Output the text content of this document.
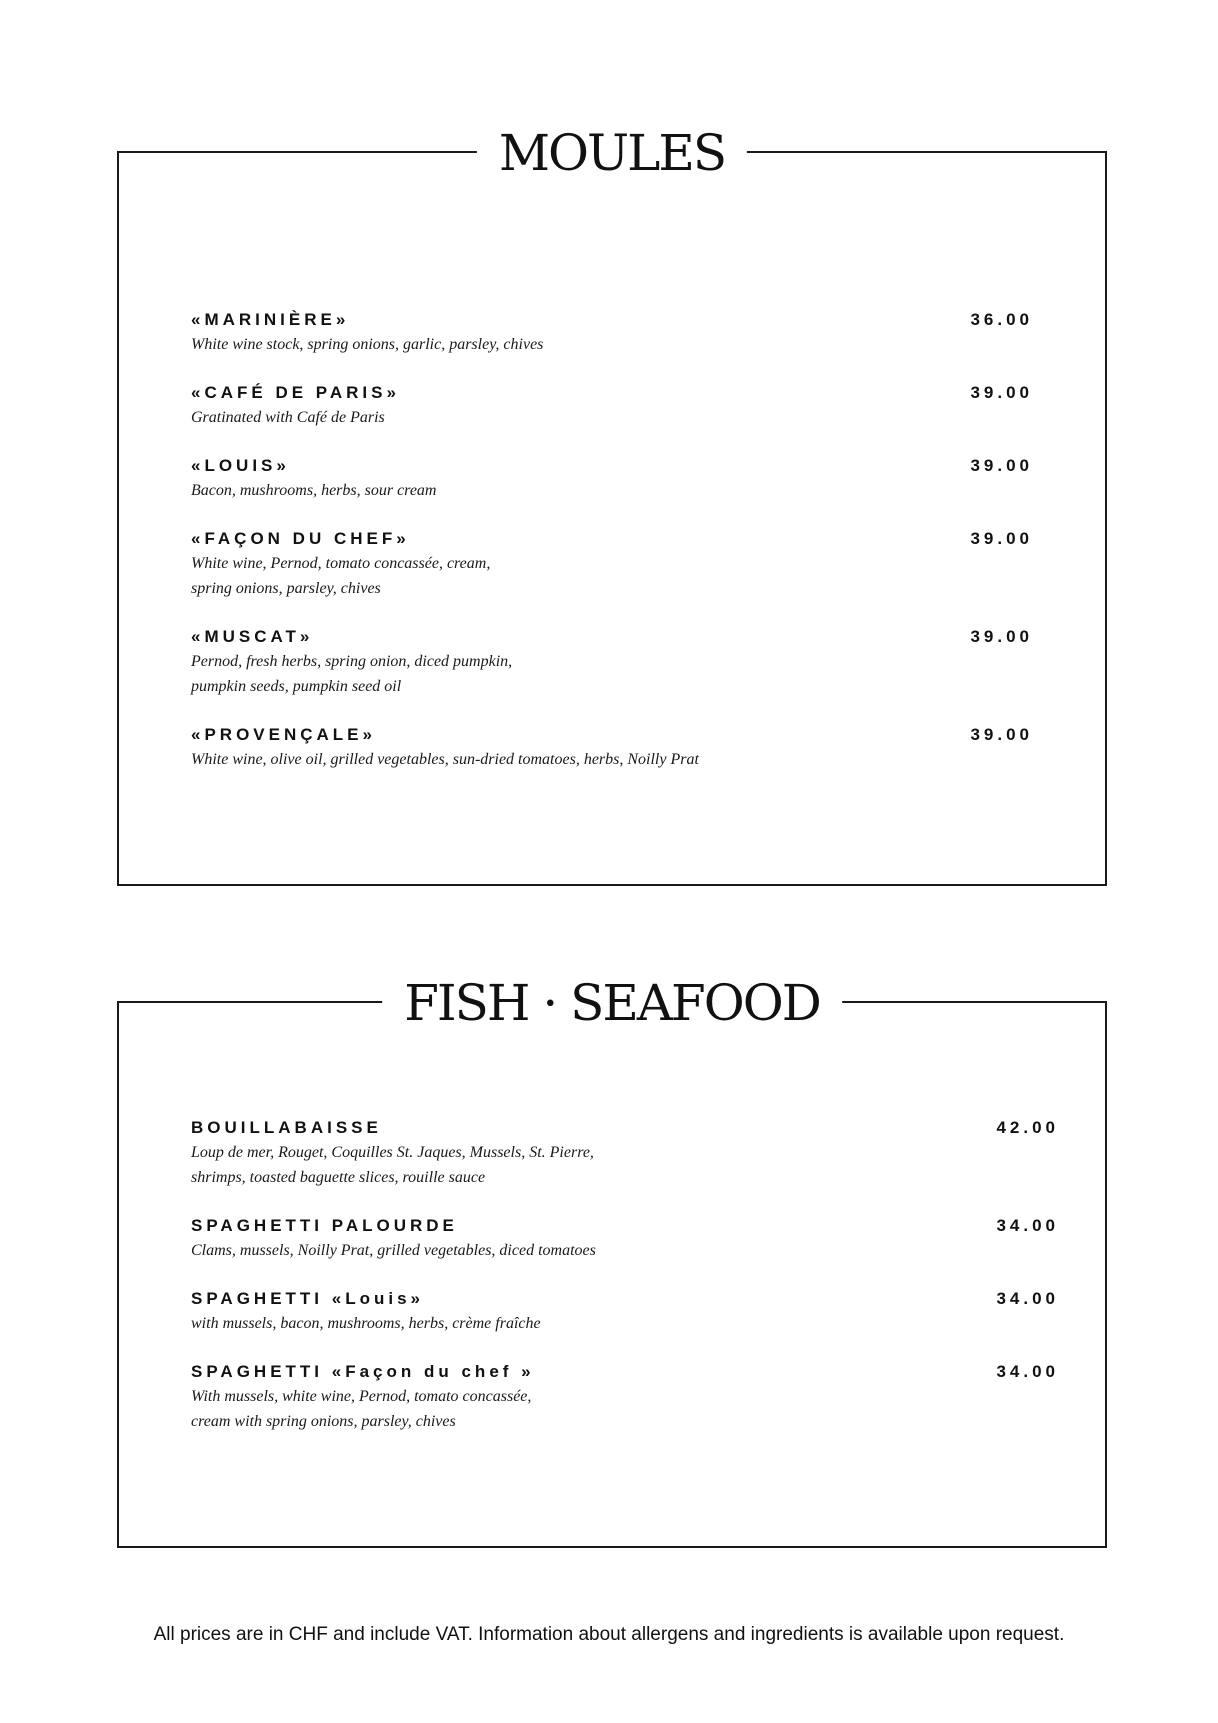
MOULES
«MARINIÈRE»	36.00
White wine stock, spring onions, garlic, parsley, chives
«CAFÉ DE PARIS»	39.00
Gratinated with Café de Paris
«LOUIS»	39.00
Bacon, mushrooms, herbs, sour cream
«FAÇON DU CHEF»	39.00
White wine, Pernod, tomato concassée, cream,
spring onions, parsley, chives
«MUSCAT»	39.00
Pernod, fresh herbs, spring onion, diced pumpkin,
pumpkin seeds, pumpkin seed oil
«PROVENÇALE»	39.00
White wine, olive oil, grilled vegetables, sun-dried tomatoes, herbs, Noilly Prat
FISH · SEAFOOD
BOUILLABAISSE	42.00
Loup de mer, Rouget, Coquilles St. Jaques, Mussels, St. Pierre,
shrimps, toasted baguette slices, rouille sauce
SPAGHETTI PALOURDE	34.00
Clams, mussels, Noilly Prat, grilled vegetables, diced tomatoes
SPAGHETTI «Louis»	34.00
with mussels, bacon, mushrooms, herbs, crème fraîche
SPAGHETTI «Façon du chef »	34.00
With mussels, white wine, Pernod, tomato concassée,
cream with spring onions, parsley, chives

All prices are in CHF and include VAT. Information about allergens and ingredients is available upon request.
